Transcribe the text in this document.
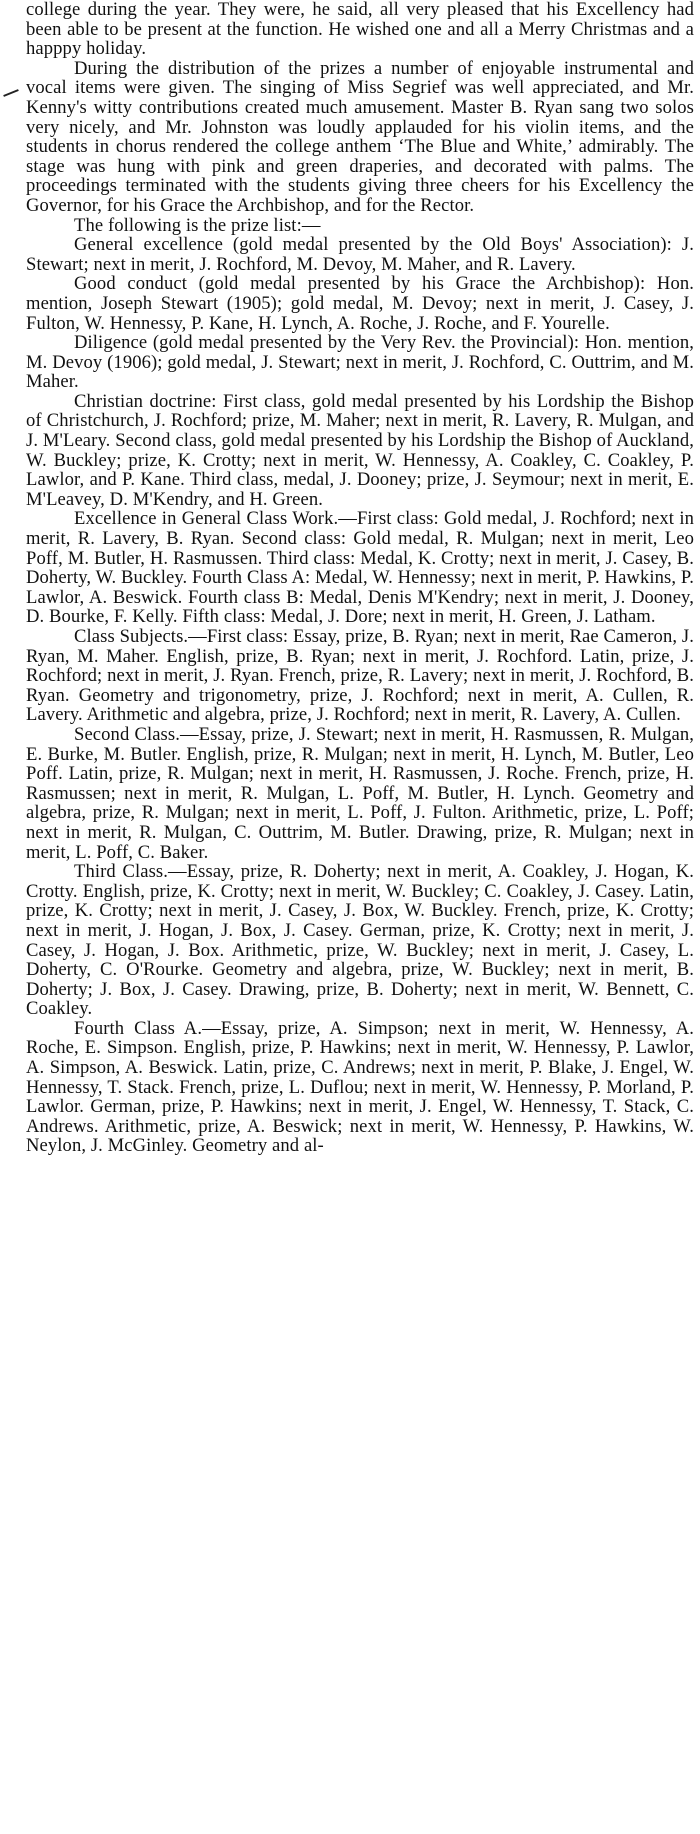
college during the year. They were, he said, all very pleased that his Excellency had been able to be present at the function. He wished one and all a Merry Christmas and a happpy holiday.

During the distribution of the prizes a number of enjoyable instrumental and vocal items were given. The singing of Miss Segrief was well appreciated, and Mr. Kenny's witty contributions created much amusement. Master B. Ryan sang two solos very nicely, and Mr. Johnston was loudly applauded for his violin items, and the students in chorus rendered the college anthem ‘The Blue and White,’ admirably. The stage was hung with pink and green draperies, and decorated with palms. The proceedings terminated with the students giving three cheers for his Excellency the Governor, for his Grace the Archbishop, and for the Rector.

The following is the prize list:—

General excellence (gold medal presented by the Old Boys' Association): J. Stewart; next in merit, J. Rochford, M. Devoy, M. Maher, and R. Lavery.

Good conduct (gold medal presented by his Grace the Archbishop): Hon. mention, Joseph Stewart (1905); gold medal, M. Devoy; next in merit, J. Casey, J. Fulton, W. Hennessy, P. Kane, H. Lynch, A. Roche, J. Roche, and F. Yourelle.

Diligence (gold medal presented by the Very Rev. the Provincial): Hon. mention, M. Devoy (1906); gold medal, J. Stewart; next in merit, J. Rochford, C. Outtrim, and M. Maher.

Christian doctrine: First class, gold medal presented by his Lordship the Bishop of Christchurch, J. Rochford; prize, M. Maher; next in merit, R. Lavery, R. Mulgan, and J. M'Leary. Second class, gold medal presented by his Lordship the Bishop of Auckland, W. Buckley; prize, K. Crotty; next in merit, W. Hennessy, A. Coakley, C. Coakley, P. Lawlor, and P. Kane. Third class, medal, J. Dooney; prize, J. Seymour; next in merit, E. M'Leavey, D. M'Kendry, and H. Green.

Excellence in General Class Work.—First class: Gold medal, J. Rochford; next in merit, R. Lavery, B. Ryan. Second class: Gold medal, R. Mulgan; next in merit, Leo Poff, M. Butler, H. Rasmussen. Third class: Medal, K. Crotty; next in merit, J. Casey, B. Doherty, W. Buckley. Fourth Class A: Medal, W. Hennessy; next in merit, P. Hawkins, P. Lawlor, A. Beswick. Fourth class B: Medal, Denis M'Kendry; next in merit, J. Dooney, D. Bourke, F. Kelly. Fifth class: Medal, J. Dore; next in merit, H. Green, J. Latham.

Class Subjects.—First class: Essay, prize, B. Ryan; next in merit, Rae Cameron, J. Ryan, M. Maher. English, prize, B. Ryan; next in merit, J. Rochford. Latin, prize, J. Rochford; next in merit, J. Ryan. French, prize, R. Lavery; next in merit, J. Rochford, B. Ryan. Geometry and trigonometry, prize, J. Rochford; next in merit, A. Cullen, R. Lavery. Arithmetic and algebra, prize, J. Rochford; next in merit, R. Lavery, A. Cullen.

Second Class.—Essay, prize, J. Stewart; next in merit, H. Rasmussen, R. Mulgan, E. Burke, M. Butler. English, prize, R. Mulgan; next in merit, H. Lynch, M. Butler, Leo Poff. Latin, prize, R. Mulgan; next in merit, H. Rasmussen, J. Roche. French, prize, H. Rasmussen; next in merit, R. Mulgan, L. Poff, M. Butler, H. Lynch. Geometry and algebra, prize, R. Mulgan; next in merit, L. Poff, J. Fulton. Arithmetic, prize, L. Poff; next in merit, R. Mulgan, C. Outtrim, M. Butler. Drawing, prize, R. Mulgan; next in merit, L. Poff, C. Baker.

Third Class.—Essay, prize, R. Doherty; next in merit, A. Coakley, J. Hogan, K. Crotty. English, prize, K. Crotty; next in merit, W. Buckley; C. Coakley, J. Casey. Latin, prize, K. Crotty; next in merit, J. Casey, J. Box, W. Buckley. French, prize, K. Crotty; next in merit, J. Hogan, J. Box, J. Casey. German, prize, K. Crotty; next in merit, J. Casey, J. Hogan, J. Box. Arithmetic, prize, W. Buckley; next in merit, J. Casey, L. Doherty, C. O'Rourke. Geometry and algebra, prize, W. Buckley; next in merit, B. Doherty; J. Box, J. Casey. Drawing, prize, B. Doherty; next in merit, W. Bennett, C. Coakley.

Fourth Class A.—Essay, prize, A. Simpson; next in merit, W. Hennessy, A. Roche, E. Simpson. English, prize, P. Hawkins; next in merit, W. Hennessy, P. Lawlor, A. Simpson, A. Beswick. Latin, prize, C. Andrews; next in merit, P. Blake, J. Engel, W. Hennessy, T. Stack. French, prize, L. Duflou; next in merit, W. Hennessy, P. Morland, P. Lawlor. German, prize, P. Hawkins; next in merit, J. Engel, W. Hennessy, T. Stack, C. Andrews. Arithmetic, prize, A. Beswick; next in merit, W. Hennessy, P. Hawkins, W. Neylon, J. McGinley. Geometry and al-
